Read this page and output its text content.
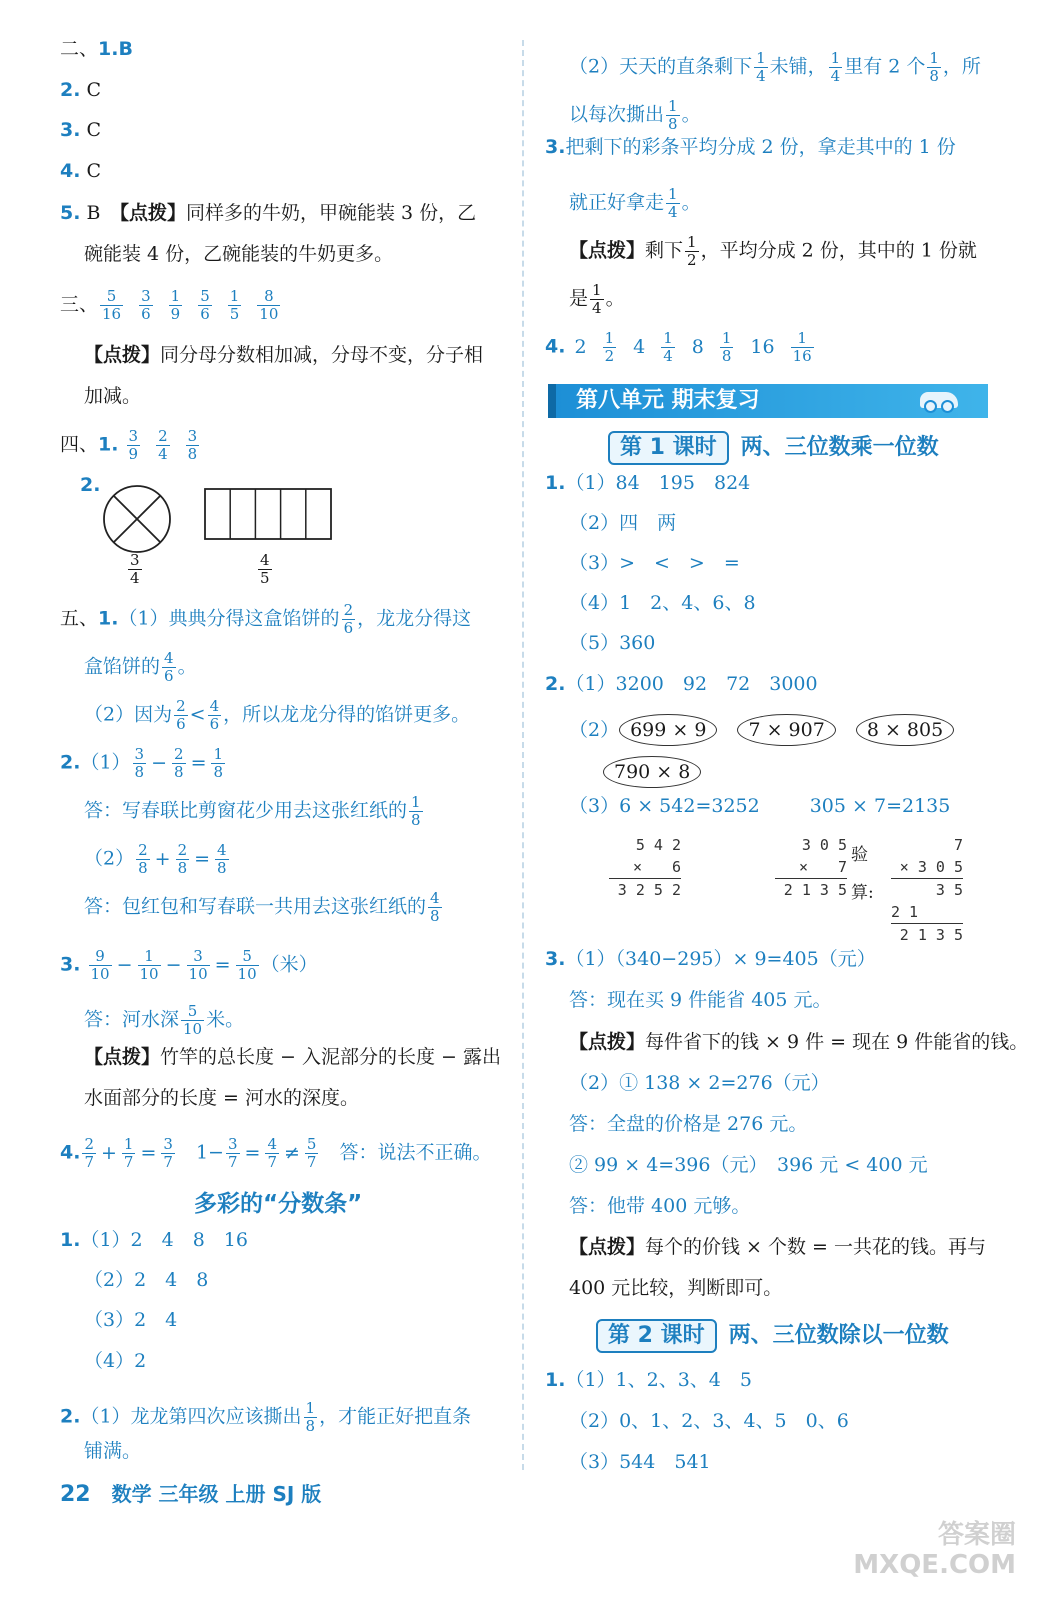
二、1.B
2. C
3. C
4. C
5. B　 【点拨】同样多的牛奶，甲碗能装 3 份，乙
碗能装 4 份，乙碗能装的牛奶更多。
三、 $\frac{5}{16} \frac{3}{6} \frac{1}{9} \frac{5}{6} \frac{1}{5} \frac{8}{10}$
【点拨】同分母分数相加减，分母不变，分子相
加减。
四、1. $\frac{3}{9} \frac{2}{4} \frac{3}{8}$
2.
$\frac{3}{4}$	$\frac{4}{5}$
五、1.（1）典典分得这盒馅饼的 $\frac{2}{6}$ ，龙龙分得这
盒馅饼的 $\frac{4}{6}$ 。
（2）因为 $\frac{2}{6} < \frac{4}{6}$ ，所以龙龙分得的馅饼更多。
$2.(1) \frac{3}{8} - \frac{2}{8} = \frac{1}{8}$
答：写春联比剪窗花少用去这张红纸的 $\frac{1}{8}$
$(2) \frac{2}{8} + \frac{2}{8} = \frac{4}{8}$
答：包红包和写春联一共用去这张红纸的 $\frac{4}{8}$
3. $\frac{9}{10} - \frac{1}{10} - \frac{3}{10} = \frac{5}{10}$ （米）
答：河水深 $\frac{5}{10}$ 米。
【点拨】竹竿的总长度 − 入泥部分的长度 − 露出
水面部分的长度 = 河水的深度。
4. $\frac{2}{7} + \frac{1}{7} = \frac{3}{7}$
　 $1- \frac{3}{7} = \frac{4}{7} \ne \frac{5}{7}$
　 答：说法不正确。
多彩的“分数条”
1.（1）2　4　8　16
（2）2　4　8
（3）2　4
（4）2
2.（1）龙龙第四次应该撕出 $\frac{1}{8}$ ，才能正好把直条
铺满。
（2）天天的直条剩下 $\frac{1}{4}$ 未铺， $\frac{1}{4}$ 里有 2 个 $\frac{1}{8}$ ，所
以每次撕出 $\frac{1}{8}$ 。
3.把剩下的彩条平均分成 2 份，拿走其中的 1 份
就正好拿走 $\frac{1}{4}$ 。
【点拨】剩下 $\frac{1}{2}$ ，平均分成 2 份，其中的 1 份就
是 $\frac{1}{4}$ 。
4. $2 \frac{1}{2} 4 \frac{1}{4} 8 \frac{1}{8} 16 \frac{1}{16}$
第八单元 期末复习
第 1 课时 两、三位数乘一位数
1.（1）84　195　824
（2）四　两
（3）>　<　>　=
（4）1　2、4、6、8
（5）360
2.（1）3200　92　72　3000
（2） 699 × 9 7 × 907 8 × 805
790 × 8
（3）6 × 542=3252	305 × 7=2135
5 4 2
×　　6
3 2 5 2
3 0 5
×　　7
2 1 3 5
验
算:
7
× 3 0 5
3 5
2 1
2 1 3 5
3.（1）（340−295）× 9=405（元）
答：现在买 9 件能省 405 元。
【点拨】每件省下的钱 × 9 件 = 现在 9 件能省的钱。
（2）① 138 × 2=276（元）
答：全盘的价格是 276 元。
② 99 × 4=396（元）　396 元 < 400 元
答：他带 400 元够。
【点拨】每个的价钱 × 个数 = 一共花的钱。再与
400 元比较，判断即可。
第 2 课时 两、三位数除以一位数
1.（1）1、2、3、4　5
（2）0、1、2、3、4、5　0、6
（3）544　541
22 数学 三年级 上册 SJ 版
答案圈
MXQE.COM
